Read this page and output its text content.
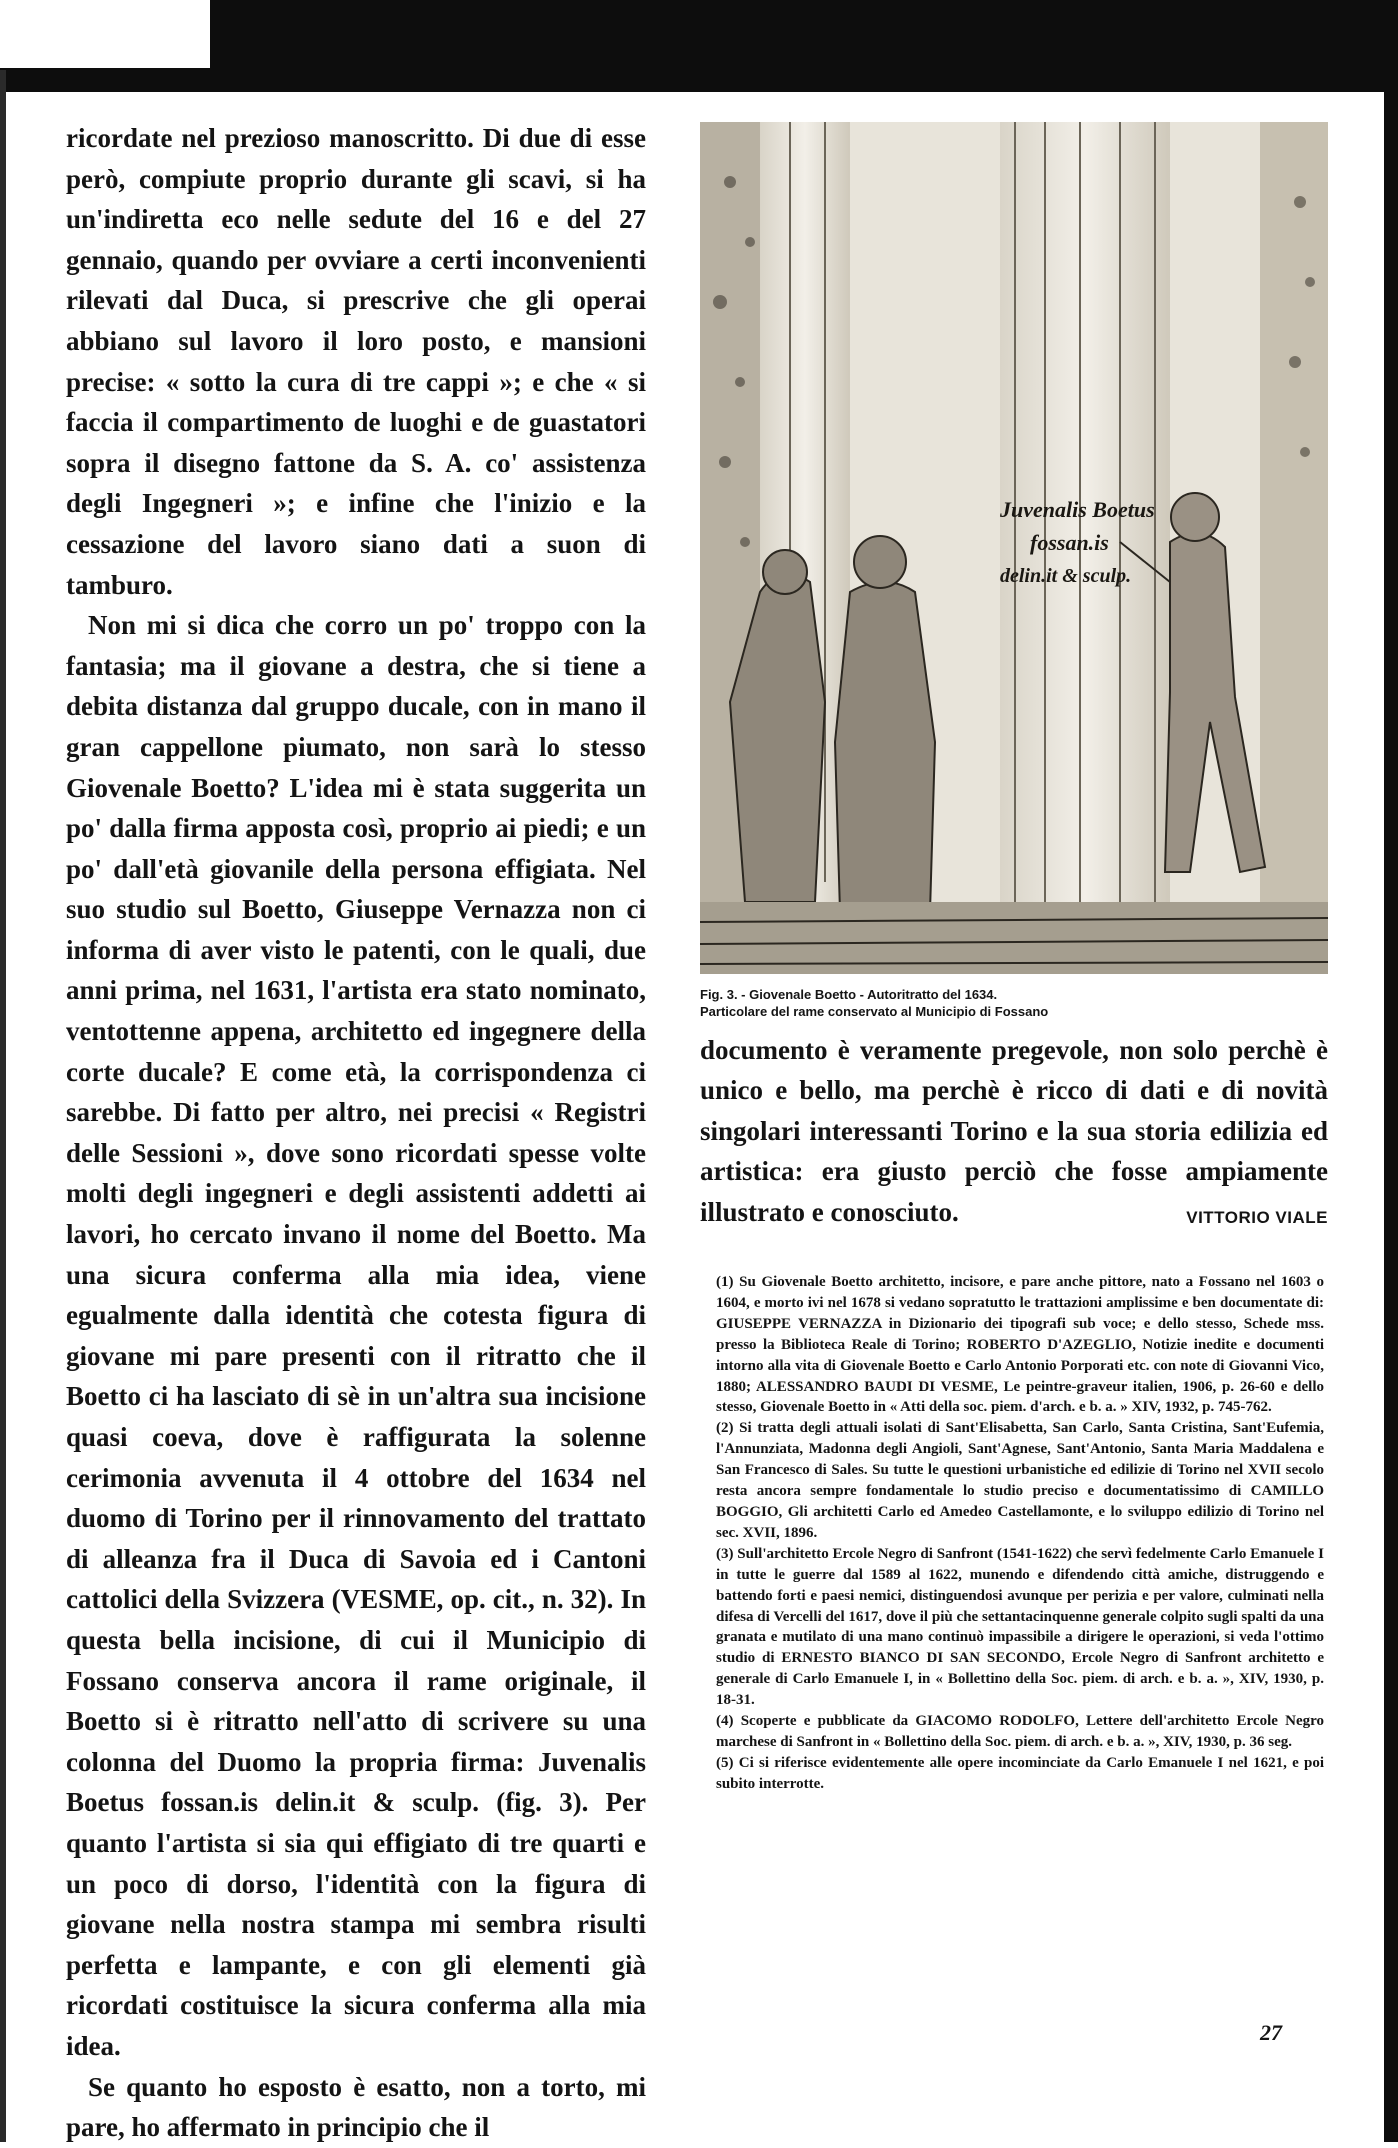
ricordate nel prezioso manoscritto. Di due di esse però, compiute proprio durante gli scavi, si ha un'indiretta eco nelle sedute del 16 e del 27 gennaio, quando per ovviare a certi inconvenienti rilevati dal Duca, si prescrive che gli operai abbiano sul lavoro il loro posto, e mansioni precise: « sotto la cura di tre cappi »; e che « si faccia il compartimento de luoghi e de guastatori sopra il disegno fattone da S. A. co' assistenza degli Ingegneri »; e infine che l'inizio e la cessazione del lavoro siano dati a suon di tamburo.

Non mi si dica che corro un po' troppo con la fantasia; ma il giovane a destra, che si tiene a debita distanza dal gruppo ducale, con in mano il gran cappellone piumato, non sarà lo stesso Giovenale Boetto? L'idea mi è stata suggerita un po' dalla firma apposta così, proprio ai piedi; e un po' dall'età giovanile della persona effigiata. Nel suo studio sul Boetto, Giuseppe Vernazza non ci informa di aver visto le patenti, con le quali, due anni prima, nel 1631, l'artista era stato nominato, ventottenne appena, architetto ed ingegnere della corte ducale? E come età, la corrispondenza ci sarebbe. Di fatto per altro, nei precisi « Registri delle Sessioni », dove sono ricordati spesse volte molti degli ingegneri e degli assistenti addetti ai lavori, ho cercato invano il nome del Boetto. Ma una sicura conferma alla mia idea, viene egualmente dalla identità che cotesta figura di giovane mi pare presenti con il ritratto che il Boetto ci ha lasciato di sè in un'altra sua incisione quasi coeva, dove è raffigurata la solenne cerimonia avvenuta il 4 ottobre del 1634 nel duomo di Torino per il rinnovamento del trattato di alleanza fra il Duca di Savoia ed i Cantoni cattolici della Svizzera (VESME, op. cit., n. 32). In questa bella incisione, di cui il Municipio di Fossano conserva ancora il rame originale, il Boetto si è ritratto nell'atto di scrivere su una colonna del Duomo la propria firma: Juvenalis Boetus fossan.is delin.it & sculp. (fig. 3). Per quanto l'artista si sia qui effigiato di tre quarti e un poco di dorso, l'identità con la figura di giovane nella nostra stampa mi sembra risulti perfetta e lampante, e con gli elementi già ricordati costituisce la sicura conferma alla mia idea.

Se quanto ho esposto è esatto, non a torto, mi pare, ho affermato in principio che il

Juvenalis Boetus
fossan.is
delin.it & sculp.
Fig. 3. - Giovenale Boetto - Autoritratto del 1634.
Particolare del rame conservato al Municipio di Fossano

documento è veramente pregevole, non solo perchè è unico e bello, ma perchè è ricco di dati e di novità singolari interessanti Torino e la sua storia edilizia ed artistica: era giusto perciò che fosse ampiamente illustrato e conosciuto.	VITTORIO VIALE

(1) Su Giovenale Boetto architetto, incisore, e pare anche pittore, nato a Fossano nel 1603 o 1604, e morto ivi nel 1678 si vedano sopratutto le trattazioni amplissime e ben documentate di: GIUSEPPE VERNAZZA in Dizionario dei tipografi sub voce; e dello stesso, Schede mss. presso la Biblioteca Reale di Torino; ROBERTO D'AZEGLIO, Notizie inedite e documenti intorno alla vita di Giovenale Boetto e Carlo Antonio Porporati etc. con note di Giovanni Vico, 1880; ALESSANDRO BAUDI DI VESME, Le peintre-graveur italien, 1906, p. 26-60 e dello stesso, Giovenale Boetto in « Atti della soc. piem. d'arch. e b. a. » XIV, 1932, p. 745-762.

(2) Si tratta degli attuali isolati di Sant'Elisabetta, San Carlo, Santa Cristina, Sant'Eufemia, l'Annunziata, Madonna degli Angioli, Sant'Agnese, Sant'Antonio, Santa Maria Maddalena e San Francesco di Sales. Su tutte le questioni urbanistiche ed edilizie di Torino nel XVII secolo resta ancora sempre fondamentale lo studio preciso e documentatissimo di CAMILLO BOGGIO, Gli architetti Carlo ed Amedeo Castellamonte, e lo sviluppo edilizio di Torino nel sec. XVII, 1896.

(3) Sull'architetto Ercole Negro di Sanfront (1541-1622) che servì fedelmente Carlo Emanuele I in tutte le guerre dal 1589 al 1622, munendo e difendendo città amiche, distruggendo e battendo forti e paesi nemici, distinguendosi avunque per perizia e per valore, culminati nella difesa di Vercelli del 1617, dove il più che settantacinquenne generale colpito sugli spalti da una granata e mutilato di una mano continuò impassibile a dirigere le operazioni, si veda l'ottimo studio di ERNESTO BIANCO DI SAN SECONDO, Ercole Negro di Sanfront architetto e generale di Carlo Emanuele I, in « Bollettino della Soc. piem. di arch. e b. a. », XIV, 1930, p. 18-31.

(4) Scoperte e pubblicate da GIACOMO RODOLFO, Lettere dell'architetto Ercole Negro marchese di Sanfront in « Bollettino della Soc. piem. di arch. e b. a. », XIV, 1930, p. 36 seg.

(5) Ci si riferisce evidentemente alle opere incominciate da Carlo Emanuele I nel 1621, e poi subito interrotte.

27
